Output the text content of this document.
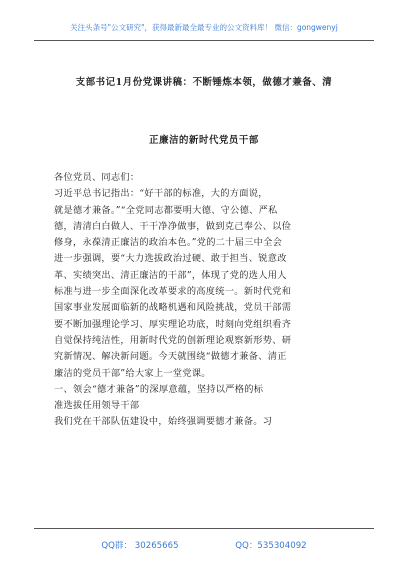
关注头条号"公文研究"，获得最新最全最专业的公文资料库！ 微信：gongwenyj
支部书记1月份党课讲稿：不断锤炼本领，做德才兼备、清
正廉洁的新时代党员干部
各位党员、同志们：
习近平总书记指出：“好干部的标准，大的方面说，
就是德才兼备。”“全党同志都要明大德、守公德、严私
德，清清白白做人、干干净净做事，做到克己奉公、以俭
修身，永葆清正廉洁的政治本色。”党的二十届三中全会
进一步强调，要“大力选拔政治过硬、敢于担当、锐意改
革、实绩突出、清正廉洁的干部”，体现了党的选人用人
标准与进一步全面深化改革要求的高度统一。新时代党和
国家事业发展面临新的战略机遇和风险挑战，党员干部需
要不断加强理论学习、厚实理论功底，时刻向党组织看齐
自觉保持纯洁性，用新时代党的创新理论观察新形势、研
究新情况、解决新问题。今天就围绕“做德才兼备、清正
廉洁的党员干部”给大家上一堂党课。
一、领会“德才兼备”的深厚意蕴，坚持以严格的标
准选拔任用领导干部
我们党在干部队伍建设中，始终强调要德才兼备。习
QQ群： 30265665	QQ：535304092
